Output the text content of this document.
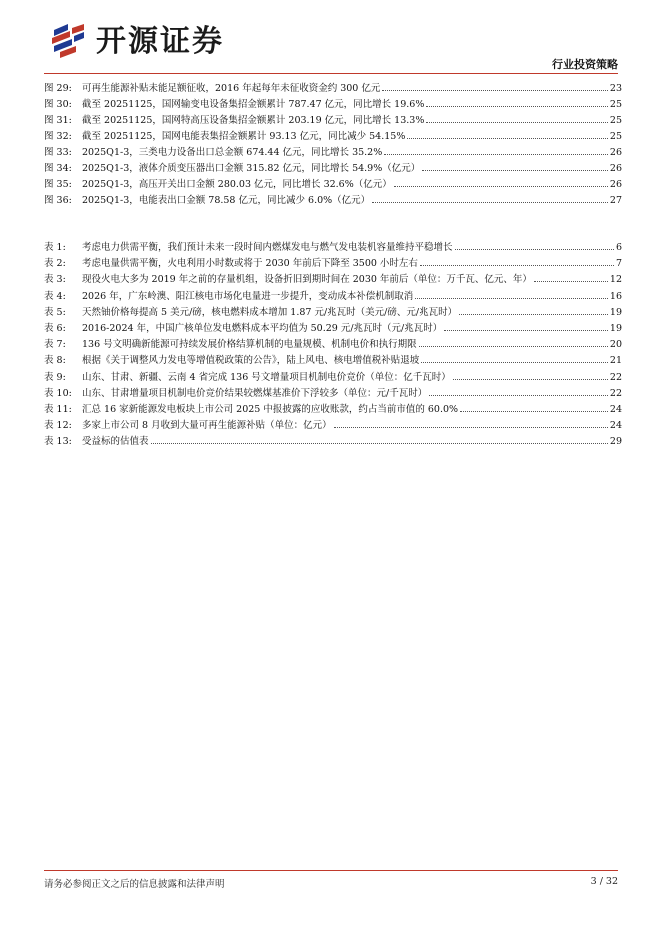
开源证券
行业投资策略
图 29:	可再生能源补贴未能足额征收，2016 年起每年未征收资金约 300 亿元	23
图 30:	截至 20251125，国网输变电设备集招金额累计 787.47 亿元，同比增长 19.6%	25
图 31:	截至 20251125，国网特高压设备集招金额累计 203.19 亿元，同比增长 13.3%	25
图 32:	截至 20251125，国网电能表集招金额累计 93.13 亿元，同比减少 54.15%	25
图 33:	2025Q1-3，三类电力设备出口总金额 674.44 亿元，同比增长 35.2%	26
图 34:	2025Q1-3，液体介质变压器出口金额 315.82 亿元，同比增长 54.9%（亿元）	26
图 35:	2025Q1-3，高压开关出口金额 280.03 亿元，同比增长 32.6%（亿元）	26
图 36:	2025Q1-3，电能表出口金额 78.58 亿元，同比减少 6.0%（亿元）	27
表 1:	考虑电力供需平衡，我们预计未来一段时间内燃煤发电与燃气发电装机容量维持平稳增长	6
表 2:	考虑电量供需平衡，火电利用小时数或将于 2030 年前后下降至 3500 小时左右	7
表 3:	现役火电大多为 2019 年之前的存量机组，设备折旧到期时间在 2030 年前后（单位：万千瓦、亿元、年）	12
表 4:	2026 年，广东岭澳、阳江核电市场化电量进一步提升，变动成本补偿机制取消	16
表 5:	天然铀价格每提高 5 美元/磅，核电燃料成本增加 1.87 元/兆瓦时（美元/磅、元/兆瓦时）	19
表 6:	2016-2024 年，中国广核单位发电燃料成本平均值为 50.29 元/兆瓦时（元/兆瓦时）	19
表 7:	136 号文明确新能源可持续发展价格结算机制的电量规模、机制电价和执行期限	20
表 8:	根据《关于调整风力发电等增值税政策的公告》，陆上风电、核电增值税补贴退坡	21
表 9:	山东、甘肃、新疆、云南 4 省完成 136 号文增量项目机制电价竞价（单位：亿千瓦时）	22
表 10:	山东、甘肃增量项目机制电价竞价结果较燃煤基准价下浮较多（单位：元/千瓦时）	22
表 11:	汇总 16 家新能源发电板块上市公司 2025 中报披露的应收账款，约占当前市值的 60.0%	24
表 12:	多家上市公司 8 月收到大量可再生能源补贴（单位：亿元）	24
表 13:	受益标的估值表	29
请务必参阅正文之后的信息披露和法律声明	3 / 32
